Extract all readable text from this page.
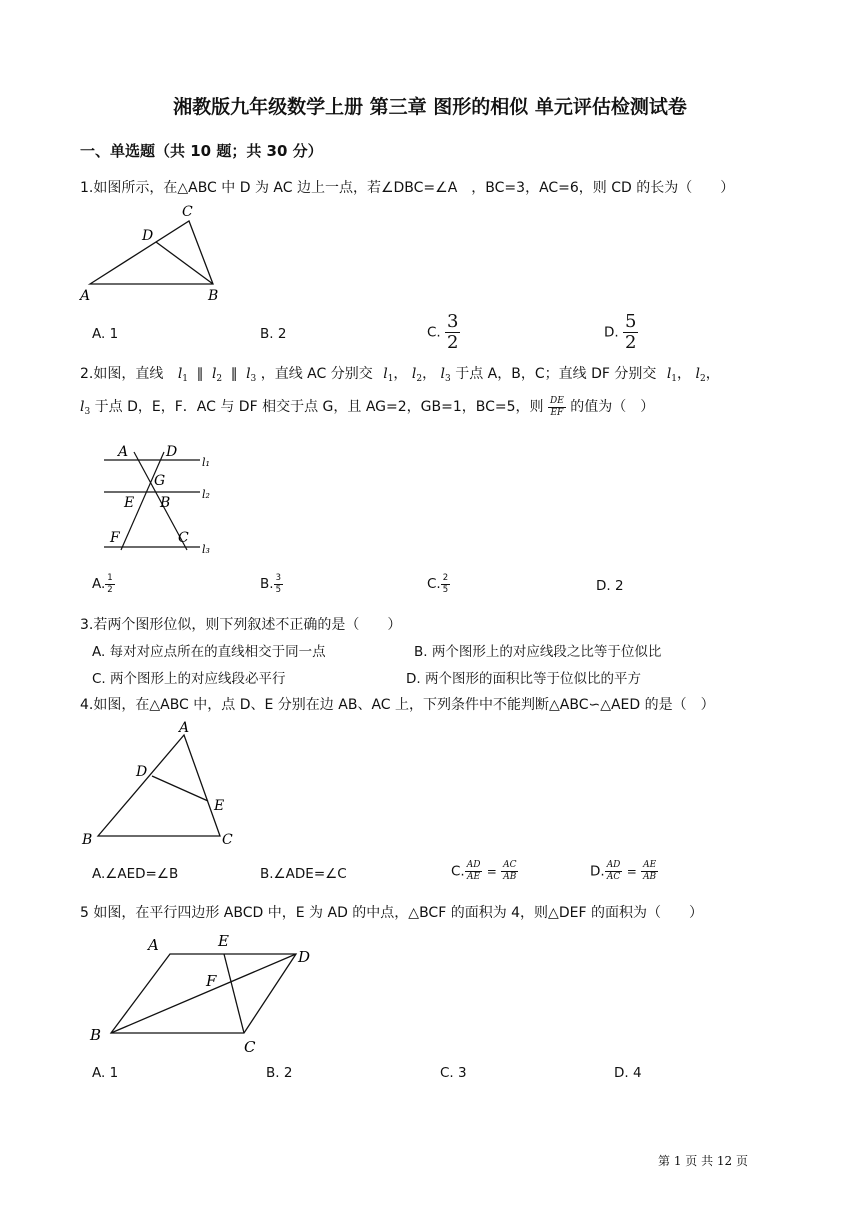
湘教版九年级数学上册 第三章 图形的相似 单元评估检测试卷
一、单选题（共 10 题；共 30 分）
1.如图所示，在△ABC 中 D 为 AC 边上一点，若∠DBC=∠A　，BC=3，AC=6，则 CD 的长为（　　）
A	B
C
D
A. 1	B. 2	C. $\frac{3}{2}$	D. $\frac{5}{2}$
2.如图，直线 $l_1$ ∥ $l_2$ ∥ $l_3$ ，直线 AC 分别交 $l_1$， $l_2$， $l_3$ 于点 A，B，C；直线 DF 分别交 $l_1$， $l_2$，
$l_3$ 于点 D，E，F．AC 与 DF 相交于点 G，且 AG=2，GB=1，BC=5，则 $\frac{DE}{EF}$ 的值为（　）
A	D
G
E B
F	C
l₁
l₂
l₃
A. $\frac{1}{2}$	B. $\frac{3}{5}$	C. $\frac{2}{5}$	D. 2
3.若两个图形位似，则下列叙述不正确的是（　　）
A. 每对对应点所在的直线相交于同一点	B. 两个图形上的对应线段之比等于位似比
C. 两个图形上的对应线段必平行	D. 两个图形的面积比等于位似比的平方
4.如图，在△ABC 中，点 D、E 分别在边 AB、AC 上，下列条件中不能判断△ABC∽△AED 的是（　）
A
B	C
D
E
A.∠AED=∠B	B.∠ADE=∠C	C. $\frac{AD}{AE} = \frac{AC}{AB}$	D. $\frac{AD}{AC} = \frac{AE}{AB}$
5 如图，在平行四边形 ABCD 中，E 为 AD 的中点，△BCF 的面积为 4，则△DEF 的面积为（　　）
A	E
D
F
B
C
A. 1	B. 2	C. 3	D. 4
第 1 页 共 12 页
